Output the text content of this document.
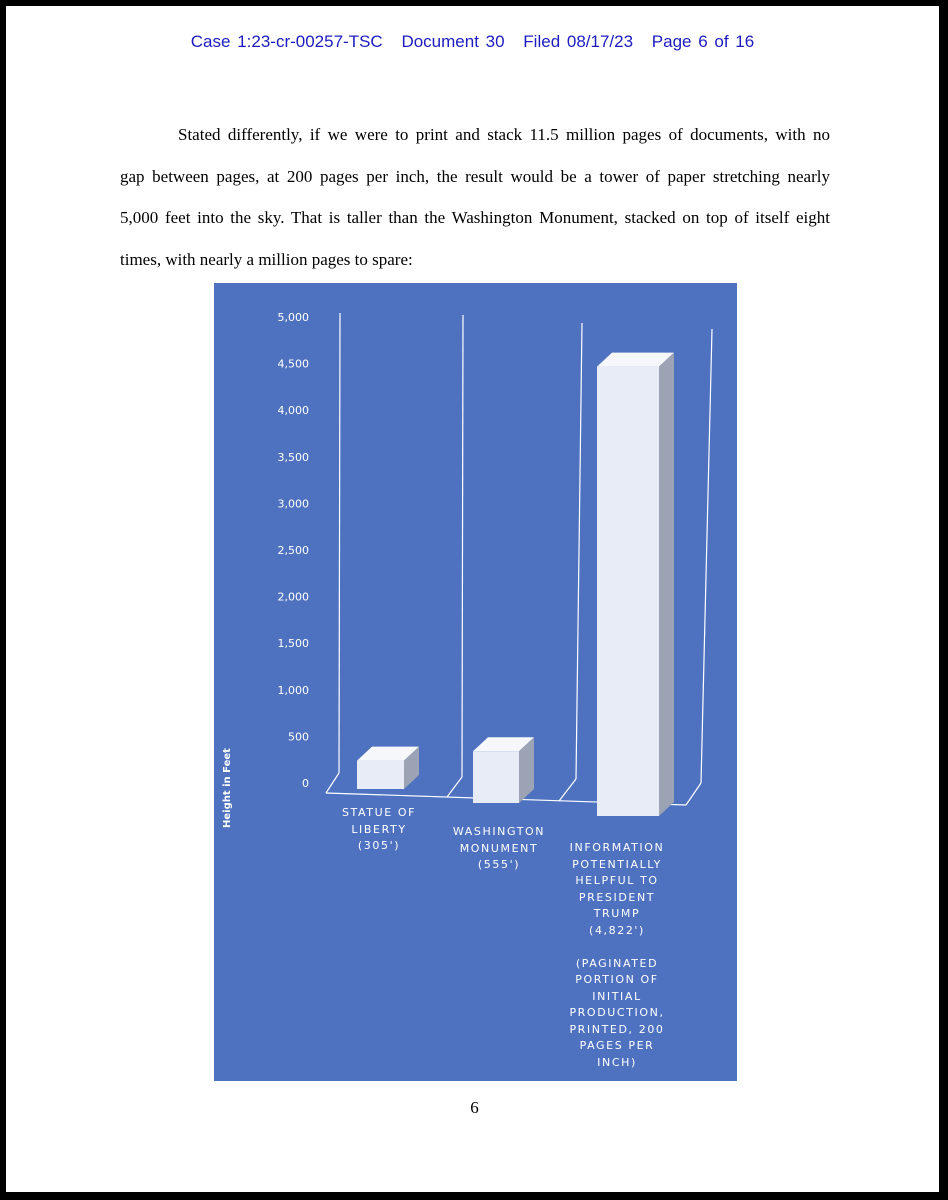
Case 1:23-cr-00257-TSC Document 30 Filed 08/17/23 Page 6 of 16
Stated differently, if we were to print and stack 11.5 million pages of documents, with no
gap between pages, at 200 pages per inch, the result would be a tower of paper stretching nearly
5,000 feet into the sky. That is taller than the Washington Monument, stacked on top of itself eight
times, with nearly a million pages to spare:
0
500
1,000
1,500
2,000
2,500
3,000
3,500
4,000
4,500
5,000
Height in Feet	STATUE OF
LIBERTY
(305')
WASHINGTON
MONUMENT
(555')
INFORMATION
POTENTIALLY
HELPFUL TO
PRESIDENT
TRUMP
(4,822')

(PAGINATED
PORTION OF
INITIAL
PRODUCTION,
PRINTED, 200
PAGES PER
INCH)
6
